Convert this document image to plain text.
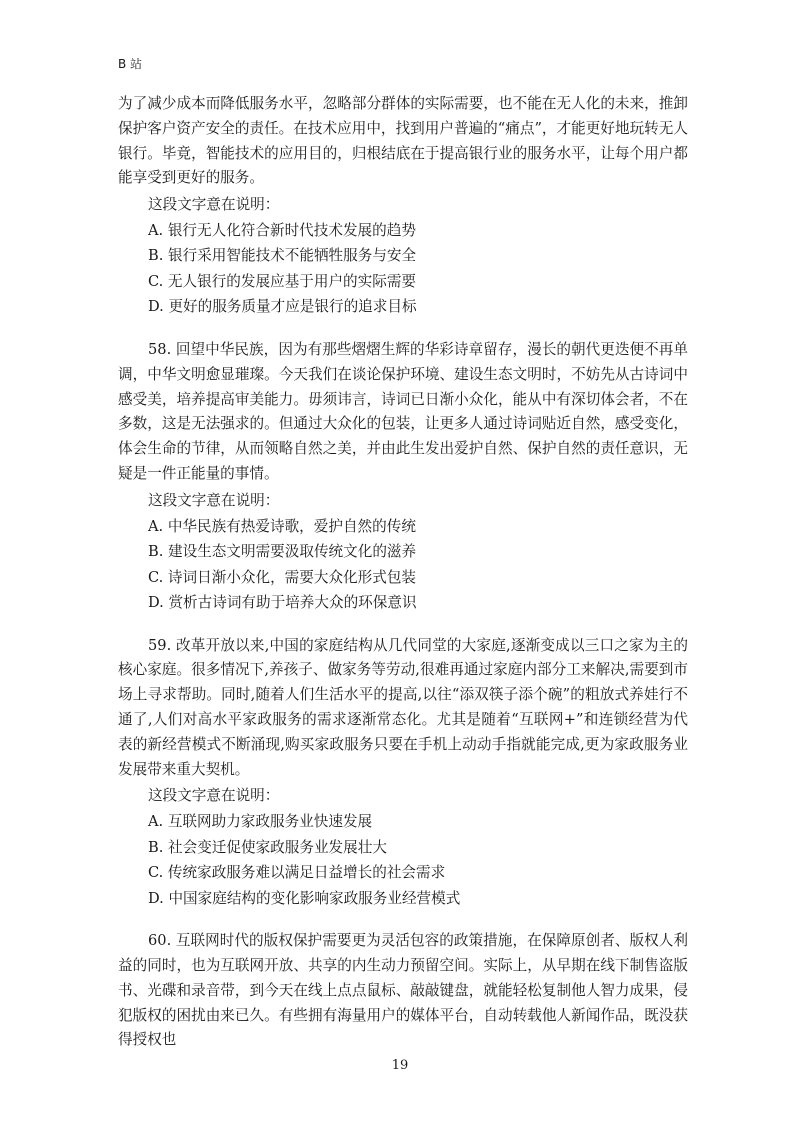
B 站

为了减少成本而降低服务水平，忽略部分群体的实际需要，也不能在无人化的未来，推卸保护客户资产安全的责任。在技术应用中，找到用户普遍的“痛点”，才能更好地玩转无人银行。毕竟，智能技术的应用目的，归根结底在于提高银行业的服务水平，让每个用户都能享受到更好的服务。

这段文字意在说明：
A. 银行无人化符合新时代技术发展的趋势
B. 银行采用智能技术不能牺牲服务与安全
C. 无人银行的发展应基于用户的实际需要
D. 更好的服务质量才应是银行的追求目标

58. 回望中华民族，因为有那些熠熠生辉的华彩诗章留存，漫长的朝代更迭便不再单调，中华文明愈显璀璨。今天我们在谈论保护环境、建设生态文明时，不妨先从古诗词中感受美，培养提高审美能力。毋须讳言，诗词已日渐小众化，能从中有深切体会者，不在多数，这是无法强求的。但通过大众化的包装，让更多人通过诗词贴近自然，感受变化，体会生命的节律，从而领略自然之美，并由此生发出爱护自然、保护自然的责任意识，无疑是一件正能量的事情。

这段文字意在说明：
A. 中华民族有热爱诗歌，爱护自然的传统
B. 建设生态文明需要汲取传统文化的滋养
C. 诗词日渐小众化，需要大众化形式包装
D. 赏析古诗词有助于培养大众的环保意识

59. 改革开放以来,中国的家庭结构从几代同堂的大家庭,逐渐变成以三口之家为主的核心家庭。很多情况下,养孩子、做家务等劳动,很难再通过家庭内部分工来解决,需要到市场上寻求帮助。同时,随着人们生活水平的提高,以往“添双筷子添个碗”的粗放式养娃行不通了,人们对高水平家政服务的需求逐渐常态化。尤其是随着“互联网+”和连锁经营为代表的新经营模式不断涌现,购买家政服务只要在手机上动动手指就能完成,更为家政服务业发展带来重大契机。

这段文字意在说明：
A. 互联网助力家政服务业快速发展
B. 社会变迁促使家政服务业发展壮大
C. 传统家政服务难以满足日益增长的社会需求
D. 中国家庭结构的变化影响家政服务业经营模式

60. 互联网时代的版权保护需要更为灵活包容的政策措施，在保障原创者、版权人利益的同时，也为互联网开放、共享的内生动力预留空间。实际上，从早期在线下制售盗版书、光碟和录音带，到今天在线上点点鼠标、敲敲键盘，就能轻松复制他人智力成果，侵犯版权的困扰由来已久。有些拥有海量用户的媒体平台，自动转载他人新闻作品，既没获得授权也

19
